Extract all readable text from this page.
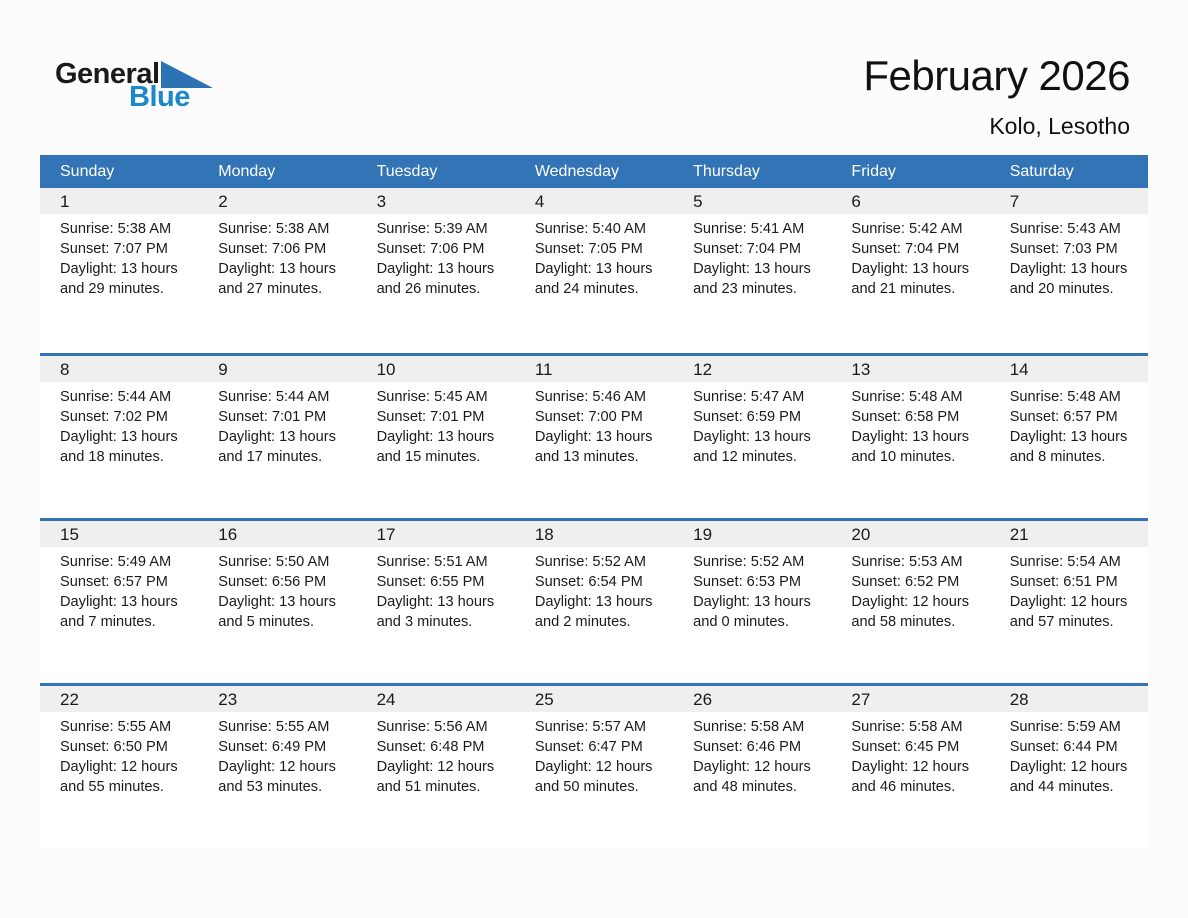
General
Blue	February 2026
Kolo, Lesotho
Sunday	Monday	Tuesday	Wednesday	Thursday	Friday	Saturday
1	2	3	4	5	6	7
Sunrise: 5:38 AM
Sunset: 7:07 PM
Daylight: 13 hours
and 29 minutes.
Sunrise: 5:38 AM
Sunset: 7:06 PM
Daylight: 13 hours
and 27 minutes.
Sunrise: 5:39 AM
Sunset: 7:06 PM
Daylight: 13 hours
and 26 minutes.
Sunrise: 5:40 AM
Sunset: 7:05 PM
Daylight: 13 hours
and 24 minutes.
Sunrise: 5:41 AM
Sunset: 7:04 PM
Daylight: 13 hours
and 23 minutes.
Sunrise: 5:42 AM
Sunset: 7:04 PM
Daylight: 13 hours
and 21 minutes.
Sunrise: 5:43 AM
Sunset: 7:03 PM
Daylight: 13 hours
and 20 minutes.
8	9	10	11	12	13	14
Sunrise: 5:44 AM
Sunset: 7:02 PM
Daylight: 13 hours
and 18 minutes.
Sunrise: 5:44 AM
Sunset: 7:01 PM
Daylight: 13 hours
and 17 minutes.
Sunrise: 5:45 AM
Sunset: 7:01 PM
Daylight: 13 hours
and 15 minutes.
Sunrise: 5:46 AM
Sunset: 7:00 PM
Daylight: 13 hours
and 13 minutes.
Sunrise: 5:47 AM
Sunset: 6:59 PM
Daylight: 13 hours
and 12 minutes.
Sunrise: 5:48 AM
Sunset: 6:58 PM
Daylight: 13 hours
and 10 minutes.
Sunrise: 5:48 AM
Sunset: 6:57 PM
Daylight: 13 hours
and 8 minutes.
15	16	17	18	19	20	21
Sunrise: 5:49 AM
Sunset: 6:57 PM
Daylight: 13 hours
and 7 minutes.
Sunrise: 5:50 AM
Sunset: 6:56 PM
Daylight: 13 hours
and 5 minutes.
Sunrise: 5:51 AM
Sunset: 6:55 PM
Daylight: 13 hours
and 3 minutes.
Sunrise: 5:52 AM
Sunset: 6:54 PM
Daylight: 13 hours
and 2 minutes.
Sunrise: 5:52 AM
Sunset: 6:53 PM
Daylight: 13 hours
and 0 minutes.
Sunrise: 5:53 AM
Sunset: 6:52 PM
Daylight: 12 hours
and 58 minutes.
Sunrise: 5:54 AM
Sunset: 6:51 PM
Daylight: 12 hours
and 57 minutes.
22	23	24	25	26	27	28
Sunrise: 5:55 AM
Sunset: 6:50 PM
Daylight: 12 hours
and 55 minutes.
Sunrise: 5:55 AM
Sunset: 6:49 PM
Daylight: 12 hours
and 53 minutes.
Sunrise: 5:56 AM
Sunset: 6:48 PM
Daylight: 12 hours
and 51 minutes.
Sunrise: 5:57 AM
Sunset: 6:47 PM
Daylight: 12 hours
and 50 minutes.
Sunrise: 5:58 AM
Sunset: 6:46 PM
Daylight: 12 hours
and 48 minutes.
Sunrise: 5:58 AM
Sunset: 6:45 PM
Daylight: 12 hours
and 46 minutes.
Sunrise: 5:59 AM
Sunset: 6:44 PM
Daylight: 12 hours
and 44 minutes.
